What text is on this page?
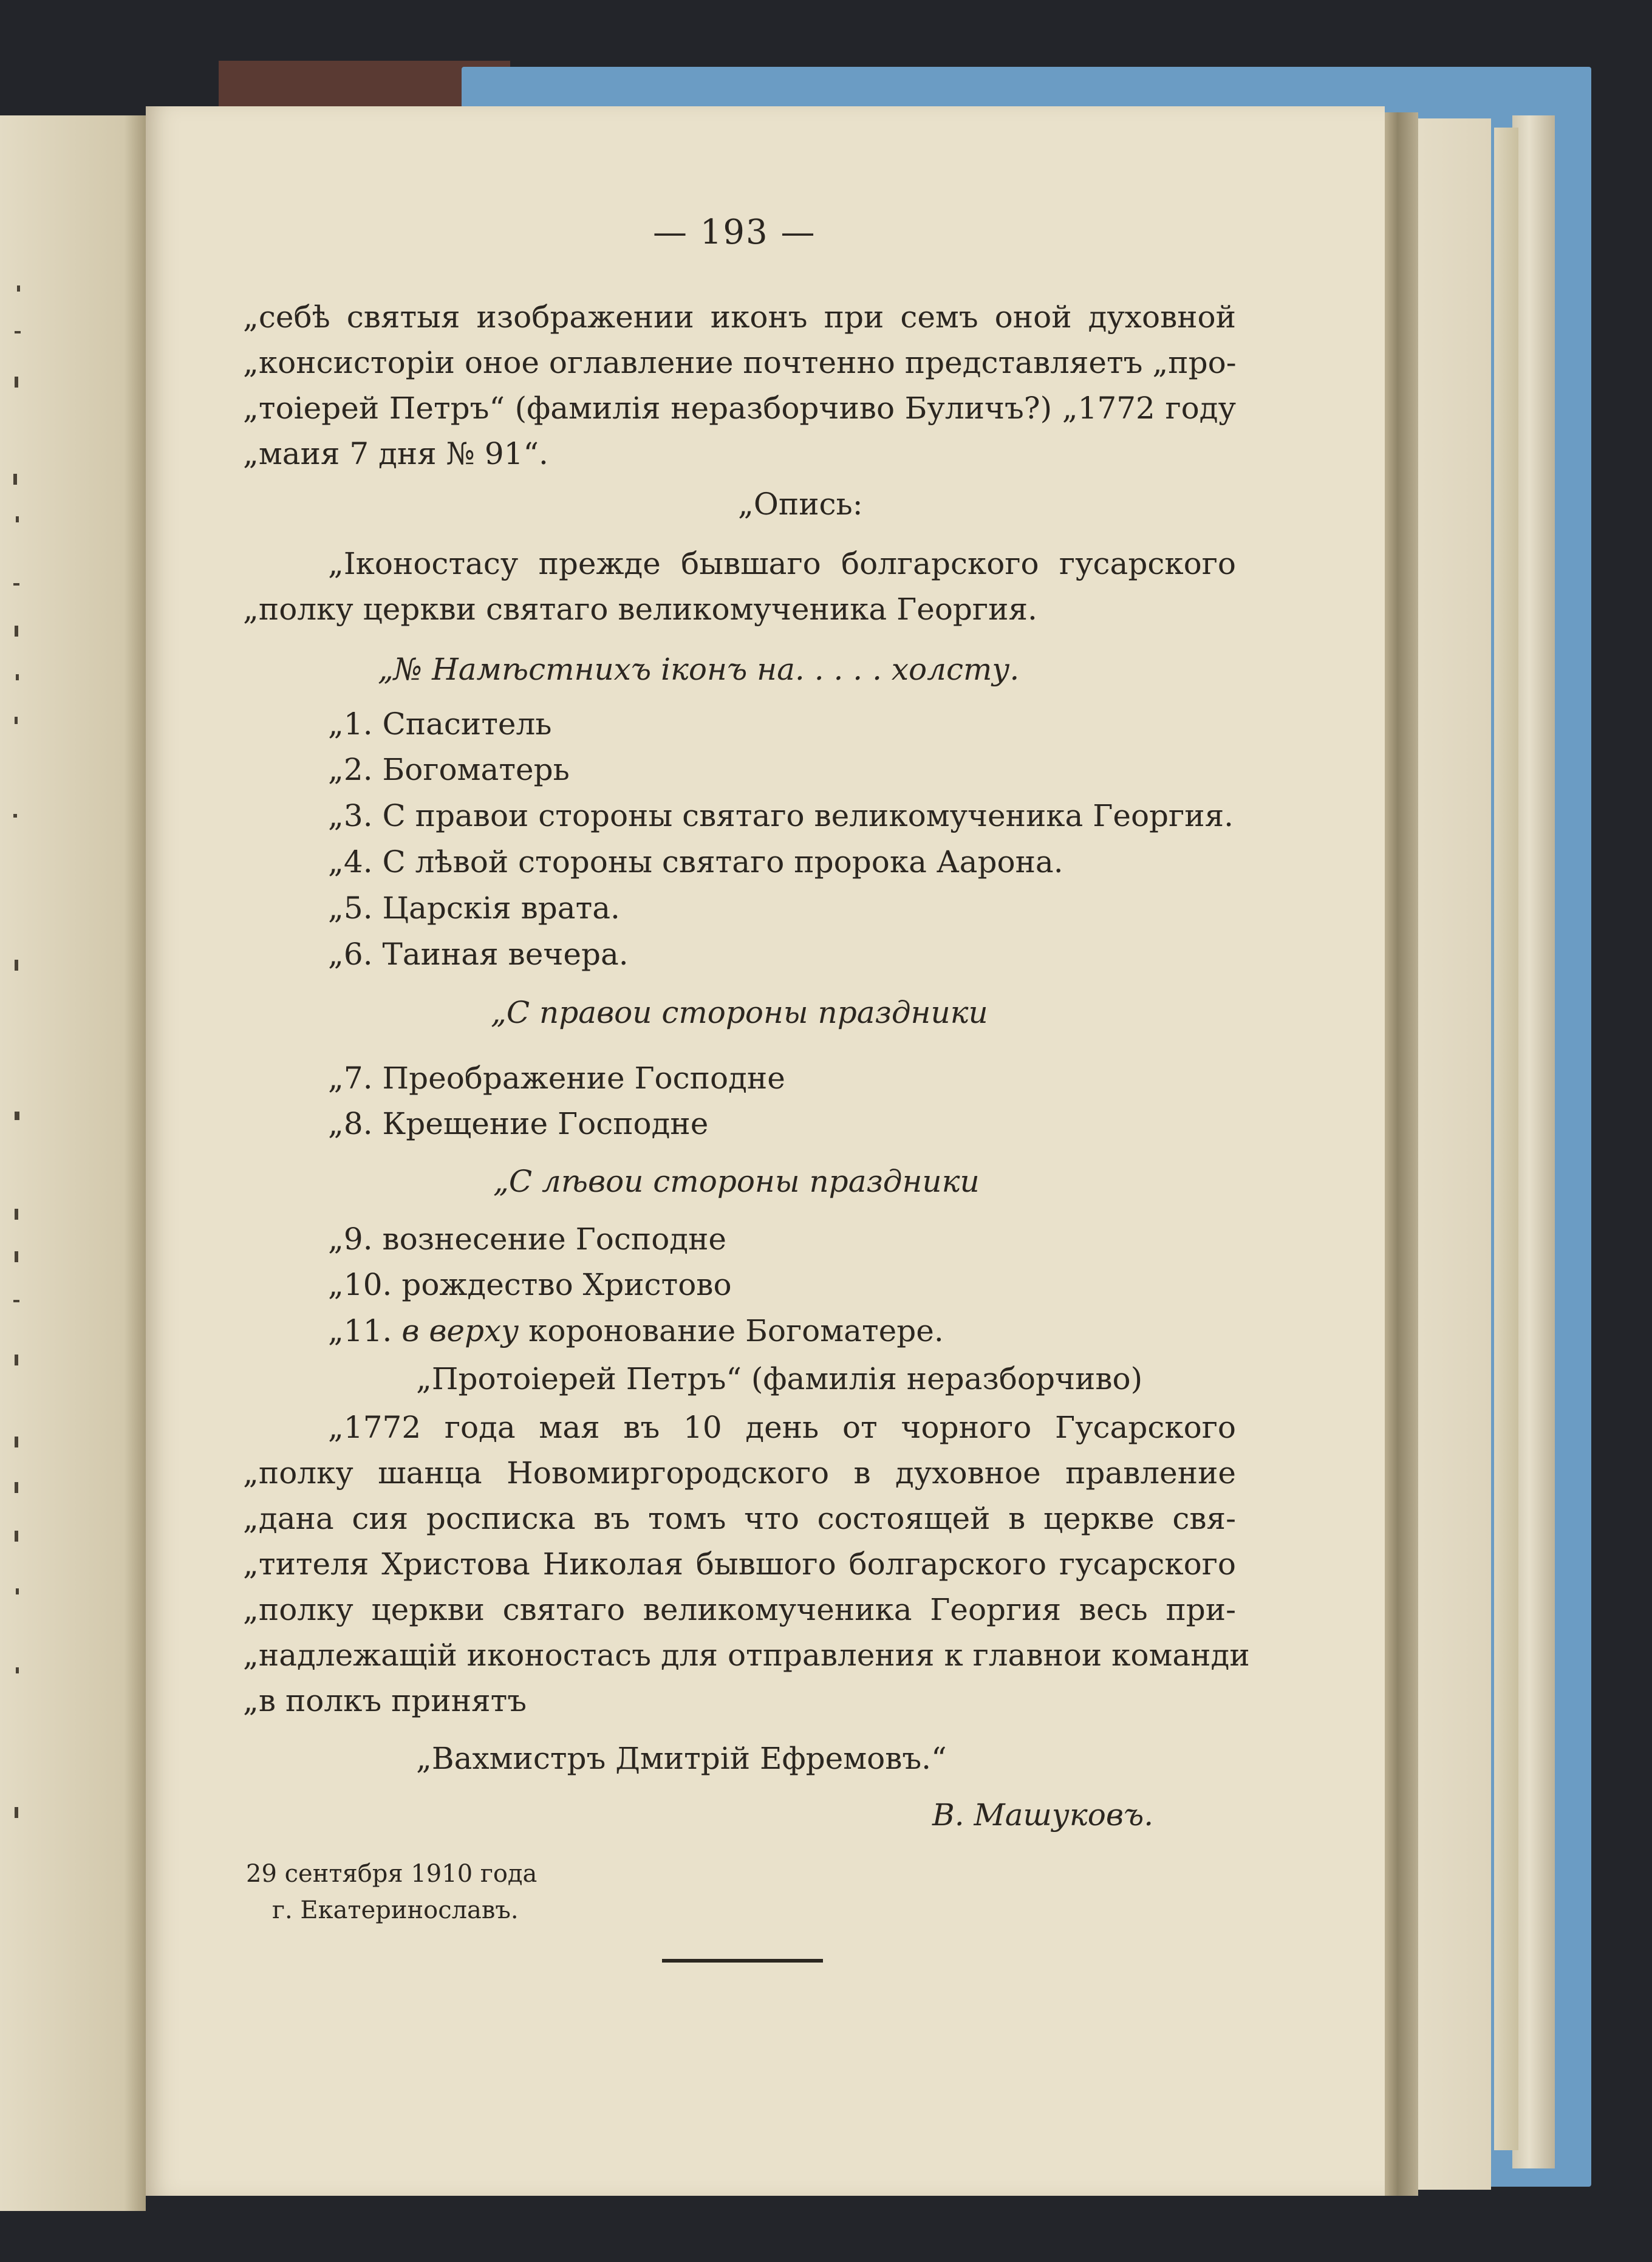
— 193 —
„себѣ святыя изображении иконъ при семъ оной духовной
„консисторiи оное оглавление почтенно представляетъ „про-
„тоiерей Петръ“ (фамилiя неразборчиво Буличъ?) „1772 году
„маия 7 дня № 91“.
„Опись:
„Iконостасу прежде бывшаго болгарского гусарского
„полку церкви святаго великомученика Георгия.
„№ Намѣстнихъ iконъ на. . . . . холсту.
„1. Спаситель
„2. Богоматерь
„3. С правои стороны святаго великомученика Георгия.
„4. С лѣвой стороны святаго пророка Аарона.
„5. Царскiя врата.
„6. Таиная вечера.
„С правои стороны праздники
„7. Преображение Господне
„8. Крещение Господне
„С лѣвои стороны праздники
„9. вознесение Господне
„10. рождество Христово
„11. в верху коронование Богоматере.
„Протоiерей Петръ“ (фамилiя неразборчиво)
„1772 года мая въ 10 день от чорного Гусарского
„полку шанца Новомиргородского в духовное правление
„дана сия росписка въ томъ что состоящей в церкве свя-
„тителя Христова Николая бывшого болгарского гусарского
„полку церкви святаго великомученика Георгия весь при-
„надлежащiй иконостасъ для отправления к главнои команди
„в полкъ принятъ
„Вахмистръ Дмитрiй Ефремовъ.“
В. Машуковъ.
29 сентября 1910 года
г. Екатеринославъ.
